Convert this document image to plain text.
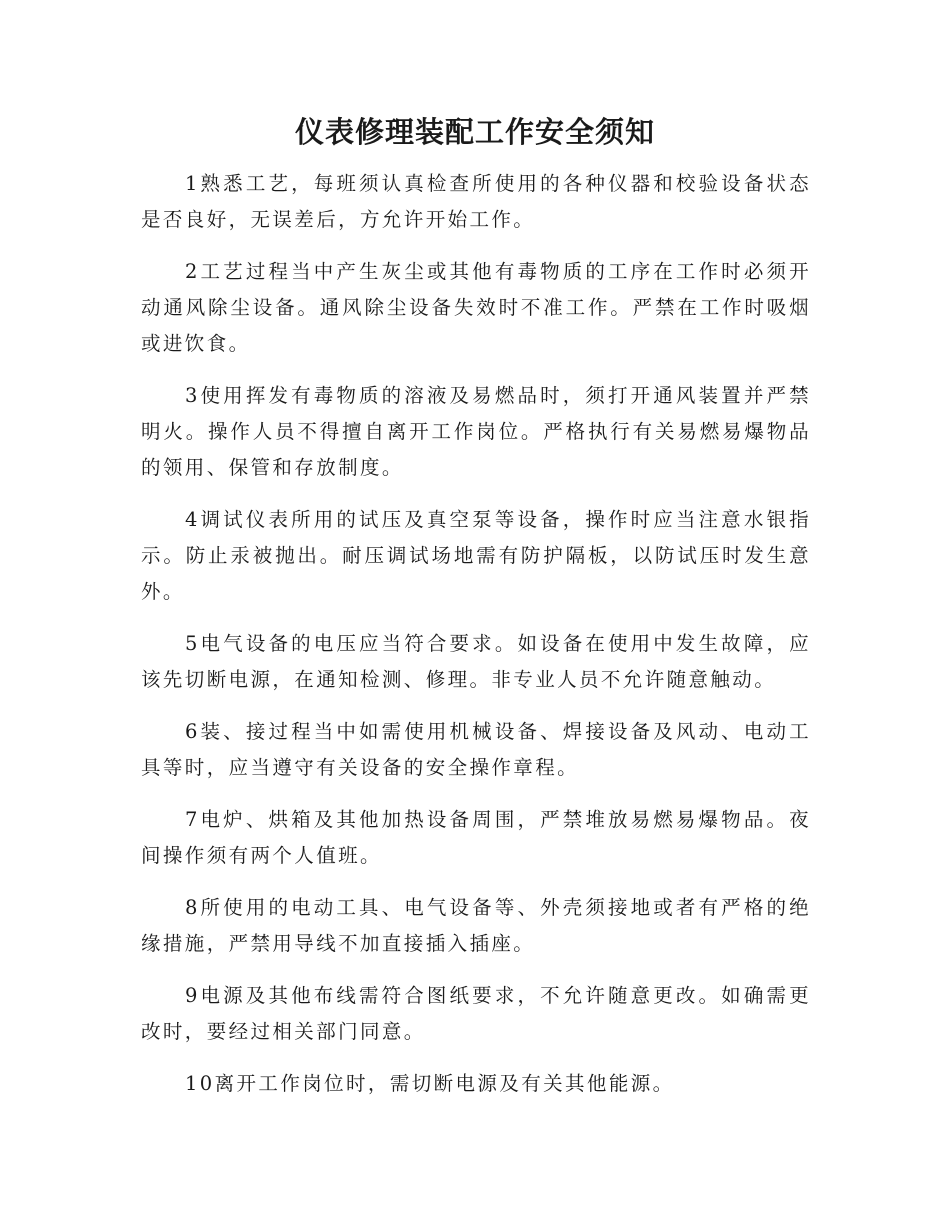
仪表修理装配工作安全须知

1熟悉工艺，每班须认真检查所使用的各种仪器和校验设备状态是否良好，无误差后，方允许开始工作。

2工艺过程当中产生灰尘或其他有毒物质的工序在工作时必须开动通风除尘设备。通风除尘设备失效时不准工作。严禁在工作时吸烟或进饮食。

3使用挥发有毒物质的溶液及易燃品时，须打开通风装置并严禁明火。操作人员不得擅自离开工作岗位。严格执行有关易燃易爆物品的领用、保管和存放制度。

4调试仪表所用的试压及真空泵等设备，操作时应当注意水银指示。防止汞被抛出。耐压调试场地需有防护隔板，以防试压时发生意外。

5电气设备的电压应当符合要求。如设备在使用中发生故障，应该先切断电源，在通知检测、修理。非专业人员不允许随意触动。

6装、接过程当中如需使用机械设备、焊接设备及风动、电动工具等时，应当遵守有关设备的安全操作章程。

7电炉、烘箱及其他加热设备周围，严禁堆放易燃易爆物品。夜间操作须有两个人值班。

8所使用的电动工具、电气设备等、外壳须接地或者有严格的绝缘措施，严禁用导线不加直接插入插座。

9电源及其他布线需符合图纸要求，不允许随意更改。如确需更改时，要经过相关部门同意。

10离开工作岗位时，需切断电源及有关其他能源。
